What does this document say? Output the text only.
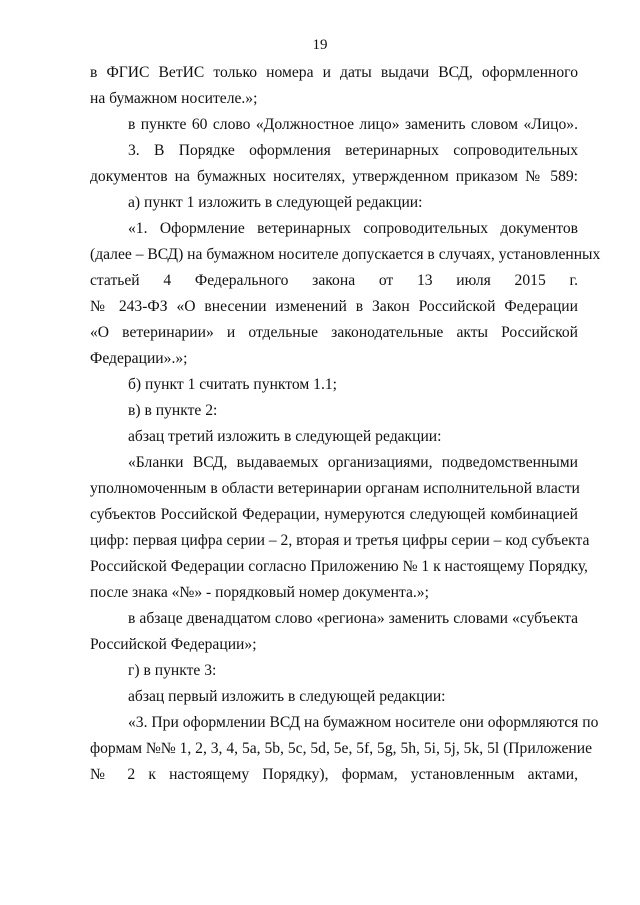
19
в ФГИС ВетИС только номера и даты выдачи ВСД, оформленного
на бумажном носителе.»;
в пункте 60 слово «Должностное лицо» заменить словом «Лицо».
3. В Порядке оформления ветеринарных сопроводительных
документов на бумажных носителях, утвержденном приказом № 589:
а) пункт 1 изложить в следующей редакции:
«1. Оформление ветеринарных сопроводительных документов
(далее – ВСД) на бумажном носителе допускается в случаях, установленных
статьей 4 Федерального закона от 13 июля 2015 г.
№ 243-ФЗ «О внесении изменений в Закон Российской Федерации
«О ветеринарии» и отдельные законодательные акты Российской
Федерации».»;
б) пункт 1 считать пунктом 1.1;
в) в пункте 2:
абзац третий изложить в следующей редакции:
«Бланки ВСД, выдаваемых организациями, подведомственными
уполномоченным в области ветеринарии органам исполнительной власти
субъектов Российской Федерации, нумеруются следующей комбинацией
цифр: первая цифра серии – 2, вторая и третья цифры серии – код субъекта
Российской Федерации согласно Приложению № 1 к настоящему Порядку,
после знака «№» - порядковый номер документа.»;
в абзаце двенадцатом слово «региона» заменить словами «субъекта
Российской Федерации»;
г) в пункте 3:
абзац первый изложить в следующей редакции:
«3. При оформлении ВСД на бумажном носителе они оформляются по
формам №№ 1, 2, 3, 4, 5a, 5b, 5c, 5d, 5e, 5f, 5g, 5h, 5i, 5j, 5k, 5l (Приложение
№ 2 к настоящему Порядку), формам, установленным актами,
